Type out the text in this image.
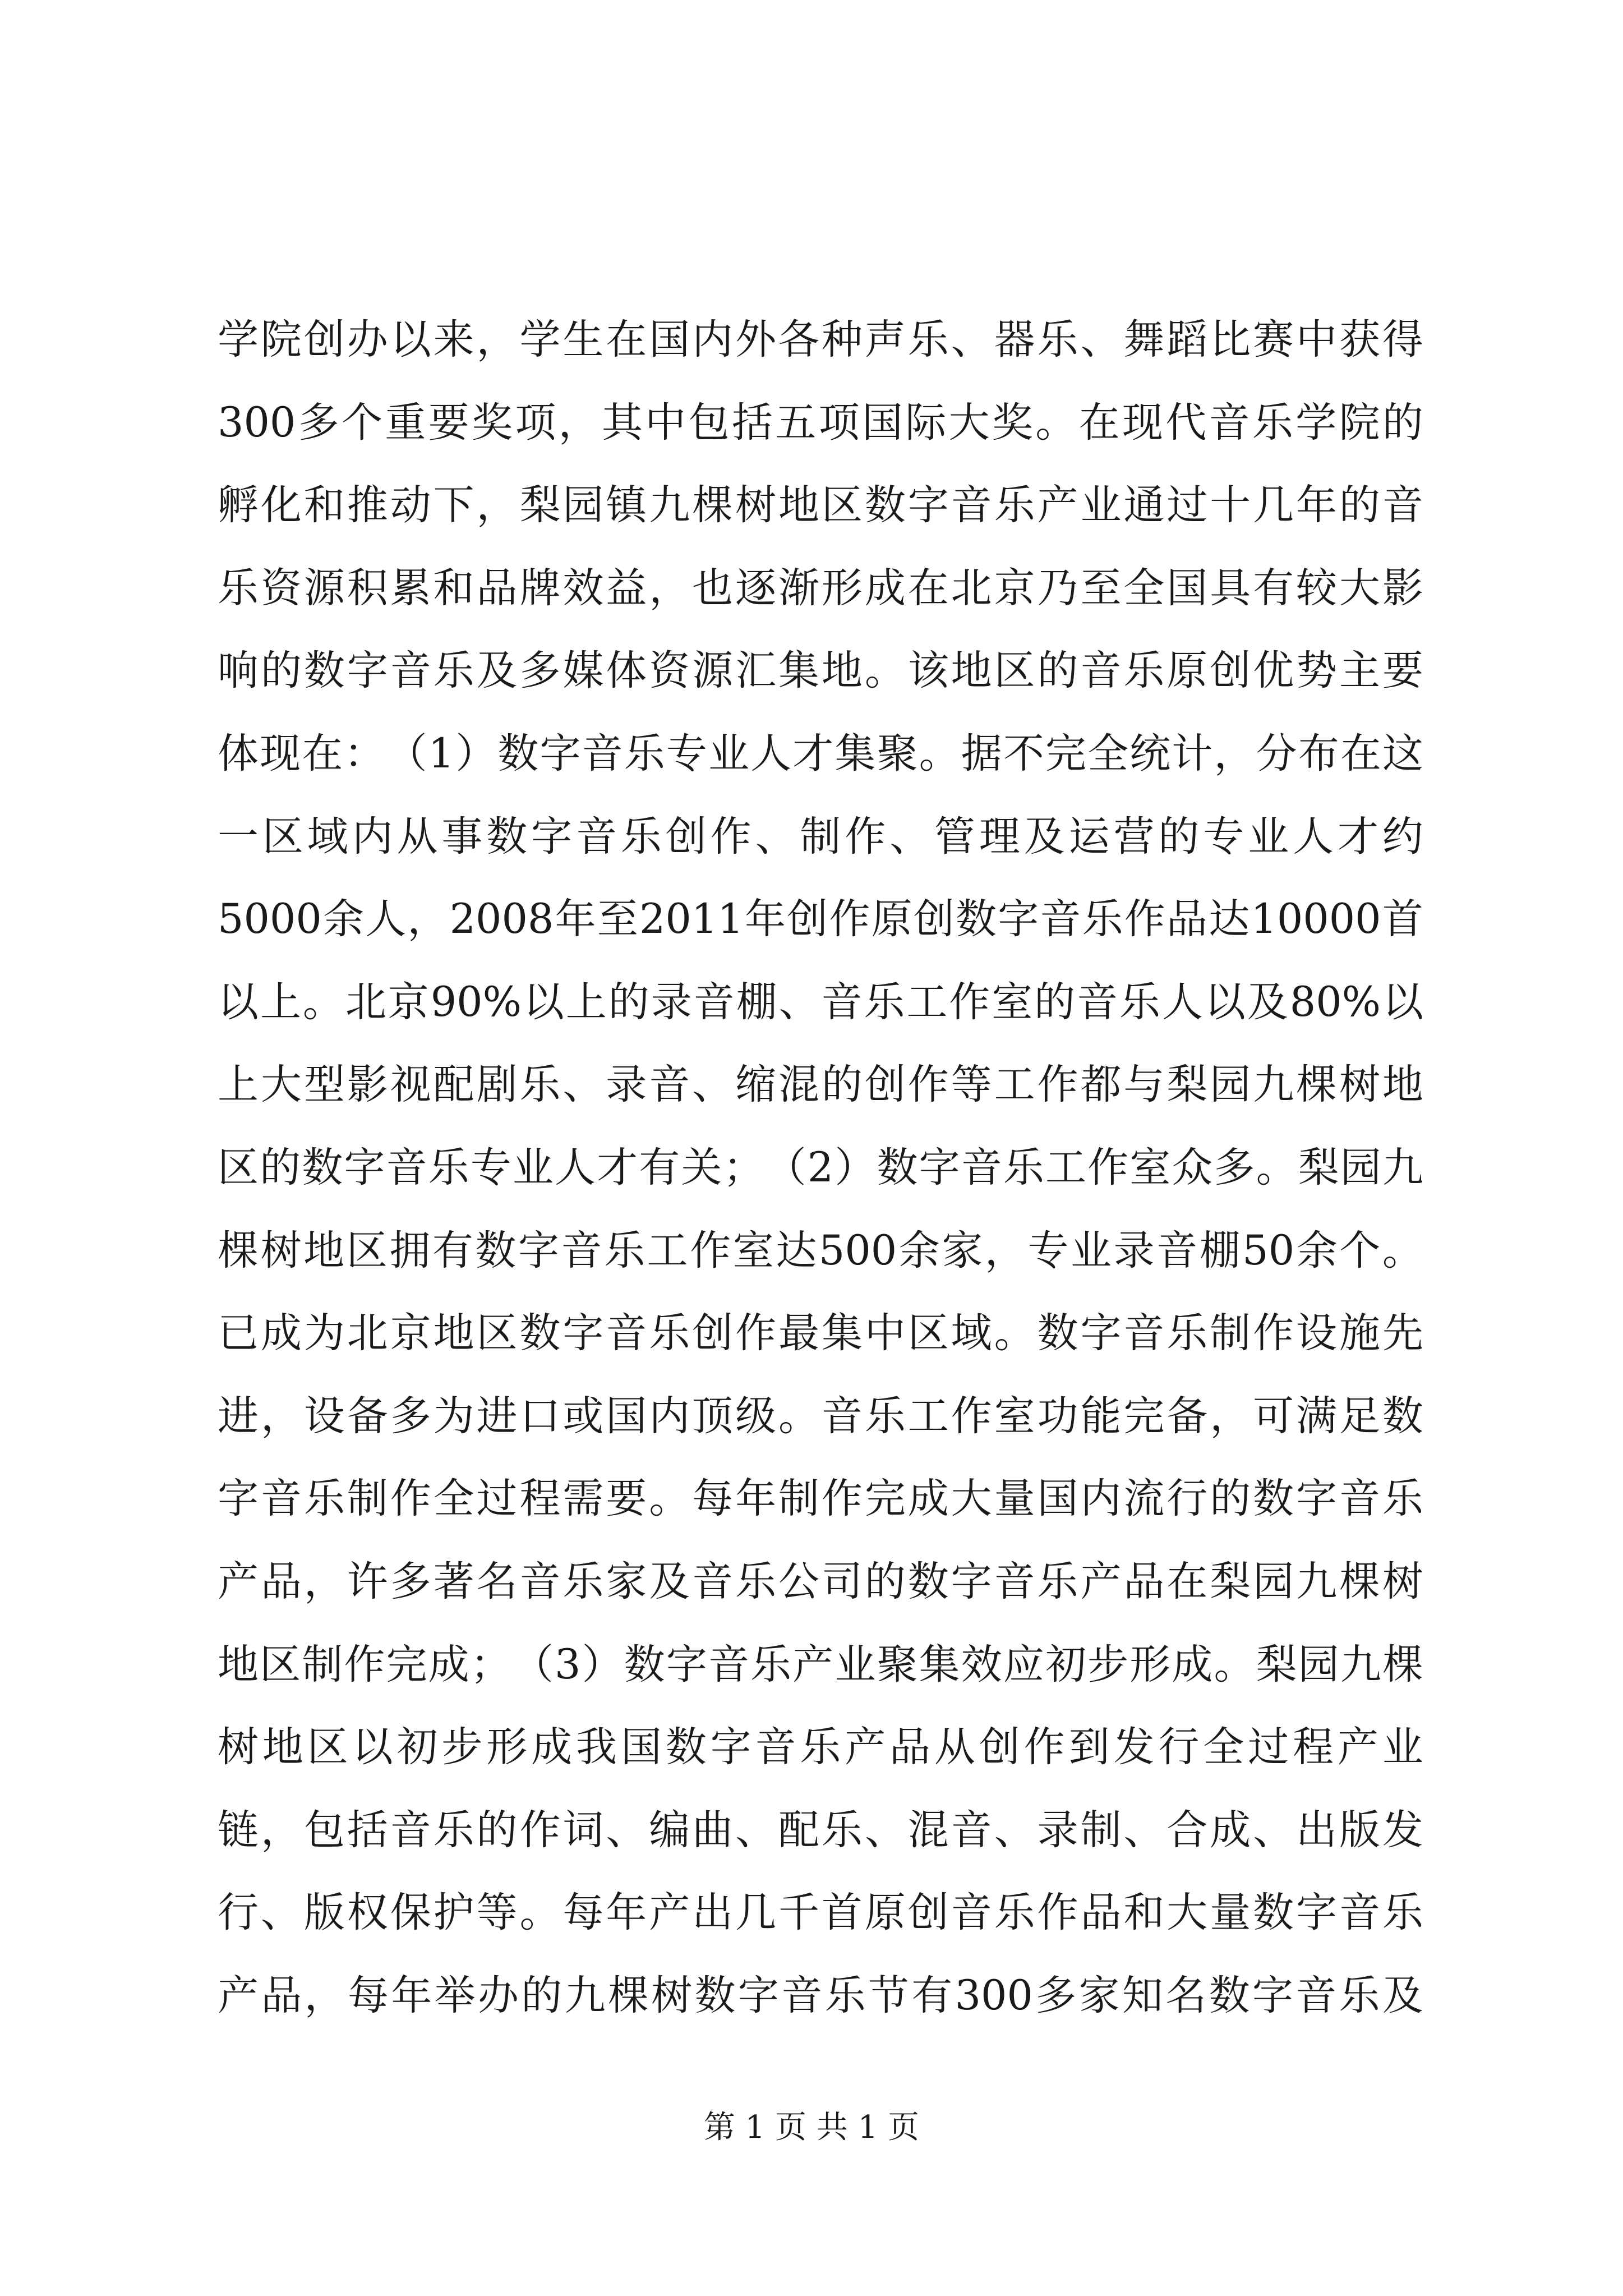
学 院 创 办 以 来 ， 学 生 在 国 内 外 各 种 声 乐 、 器 乐 、 舞 蹈 比 赛 中 获 得
300 多 个 重 要 奖 项 ， 其 中 包 括 五 项 国 际 大 奖 。 在 现 代 音 乐 学 院 的
孵 化 和 推 动 下 ， 梨 园 镇 九 棵 树 地 区 数 字 音 乐 产 业 通 过 十 几 年 的 音
乐 资 源 积 累 和 品 牌 效 益 ， 也 逐 渐 形 成 在 北 京 乃 至 全 国 具 有 较 大 影
响 的 数 字 音 乐 及 多 媒 体 资 源 汇 集 地 。 该 地 区 的 音 乐 原 创 优 势 主 要
体 现 在 ： （ 1 ） 数 字 音 乐 专 业 人 才 集 聚 。 据 不 完 全 统 计 ， 分 布 在 这
一 区 域 内 从 事 数 字 音 乐 创 作 、 制 作 、 管 理 及 运 营 的 专 业 人 才 约
5000 余 人 ， 2008 年 至 2011 年 创 作 原 创 数 字 音 乐 作 品 达 10000 首
以 上 。 北 京 90% 以 上 的 录 音 棚 、 音 乐 工 作 室 的 音 乐 人 以 及 80% 以
上 大 型 影 视 配 剧 乐 、 录 音 、 缩 混 的 创 作 等 工 作 都 与 梨 园 九 棵 树 地
区 的 数 字 音 乐 专 业 人 才 有 关 ； （ 2 ） 数 字 音 乐 工 作 室 众 多 。 梨 园 九
棵 树 地 区 拥 有 数 字 音 乐 工 作 室 达 500 余 家 ， 专 业 录 音 棚 50 余 个 。
已 成 为 北 京 地 区 数 字 音 乐 创 作 最 集 中 区 域 。 数 字 音 乐 制 作 设 施 先
进 ， 设 备 多 为 进 口 或 国 内 顶 级 。 音 乐 工 作 室 功 能 完 备 ， 可 满 足 数
字 音 乐 制 作 全 过 程 需 要 。 每 年 制 作 完 成 大 量 国 内 流 行 的 数 字 音 乐
产 品 ， 许 多 著 名 音 乐 家 及 音 乐 公 司 的 数 字 音 乐 产 品 在 梨 园 九 棵 树
地 区 制 作 完 成 ； （ 3 ） 数 字 音 乐 产 业 聚 集 效 应 初 步 形 成 。 梨 园 九 棵
树 地 区 以 初 步 形 成 我 国 数 字 音 乐 产 品 从 创 作 到 发 行 全 过 程 产 业
链 ， 包 括 音 乐 的 作 词 、 编 曲 、 配 乐 、 混 音 、 录 制 、 合 成 、 出 版 发
行 、 版 权 保 护 等 。 每 年 产 出 几 千 首 原 创 音 乐 作 品 和 大 量 数 字 音 乐
产 品 ， 每 年 举 办 的 九 棵 树 数 字 音 乐 节 有 300 多 家 知 名 数 字 音 乐 及
第 1 页 共 1 页
